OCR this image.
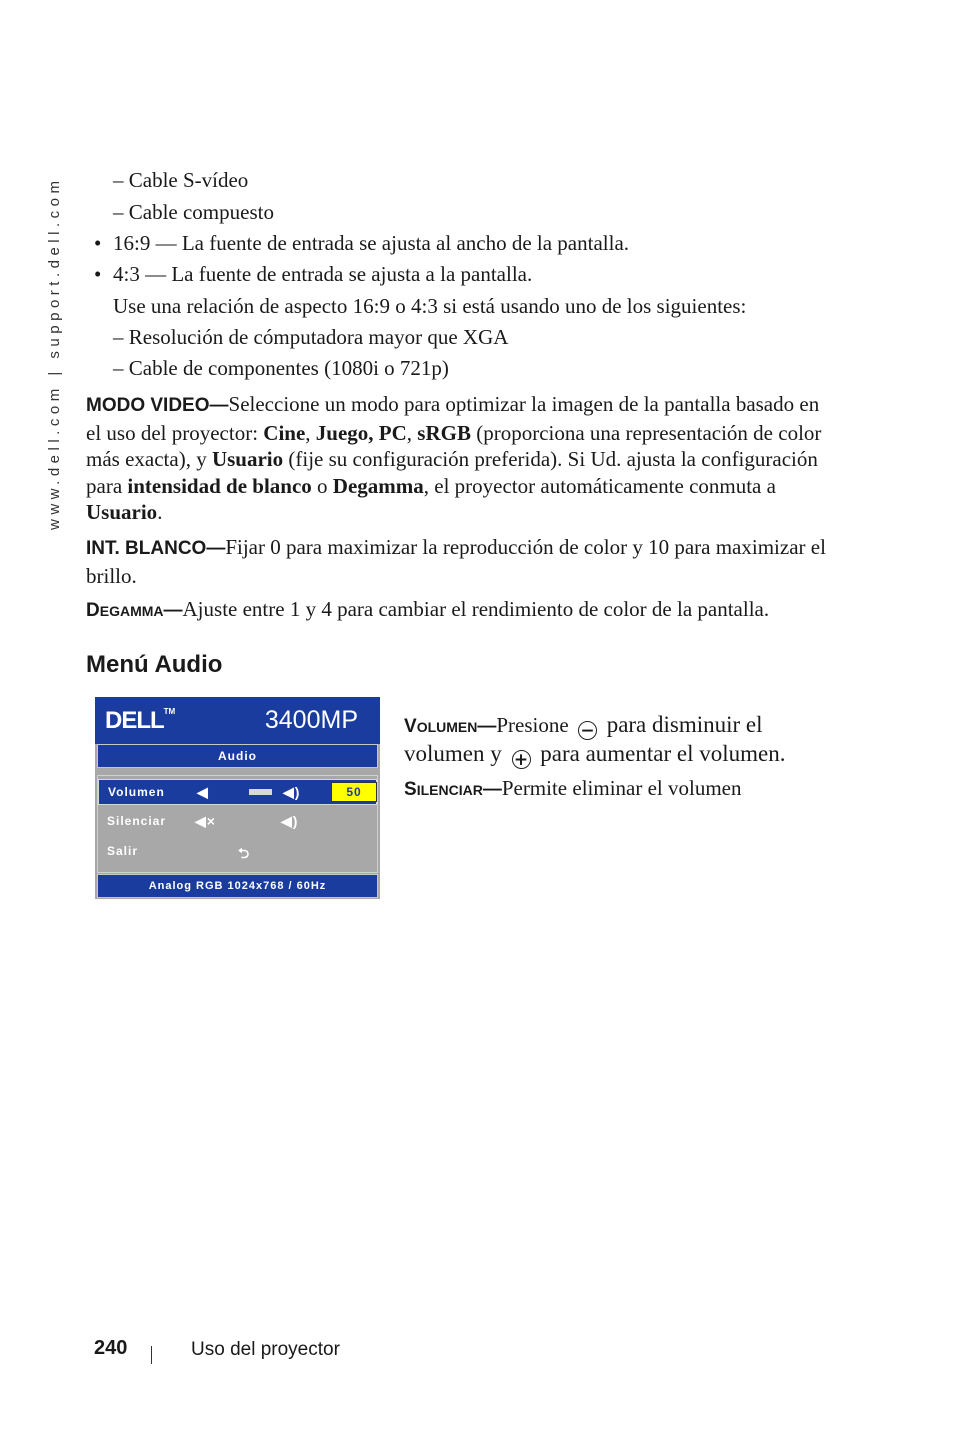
www.dell.com | support.dell.com – Cable S-vídeo
– Cable compuesto
• 16:9 — La fuente de entrada se ajusta al ancho de la pantalla.
• 4:3 — La fuente de entrada se ajusta a la pantalla.
Use una relación de aspecto 16:9 o 4:3 si está usando uno de los siguientes:
– Resolución de cómputadora mayor que XGA
– Cable de componentes (1080i o 721p)
MODO VIDEO—Seleccione un modo para optimizar la imagen de la pantalla basado en el uso del proyector: Cine, Juego, PC, sRGB (proporciona una representación de color más exacta), y Usuario (fije su configuración preferida). Si Ud. ajusta la configuración para intensidad de blanco o Degamma, el proyector automáticamente conmuta a Usuario.
INT. BLANCO—Fijar 0 para maximizar la reproducción de color y 10 para maximizar el brillo.
DEGAMMA—Ajuste entre 1 y 4 para cambiar el rendimiento de color de la pantalla.
Menú Audio
DELL™	3400MP
Audio
Volumen ◀	◀)	50
Silenciar ◀×	◀)
Salir	⮌
Analog RGB 1024x768 / 60Hz
VOLUMEN—Presione − para disminuir el
volumen y + para aumentar el volumen.
SILENCIAR—Permite eliminar el volumen
240	Uso del proyector
